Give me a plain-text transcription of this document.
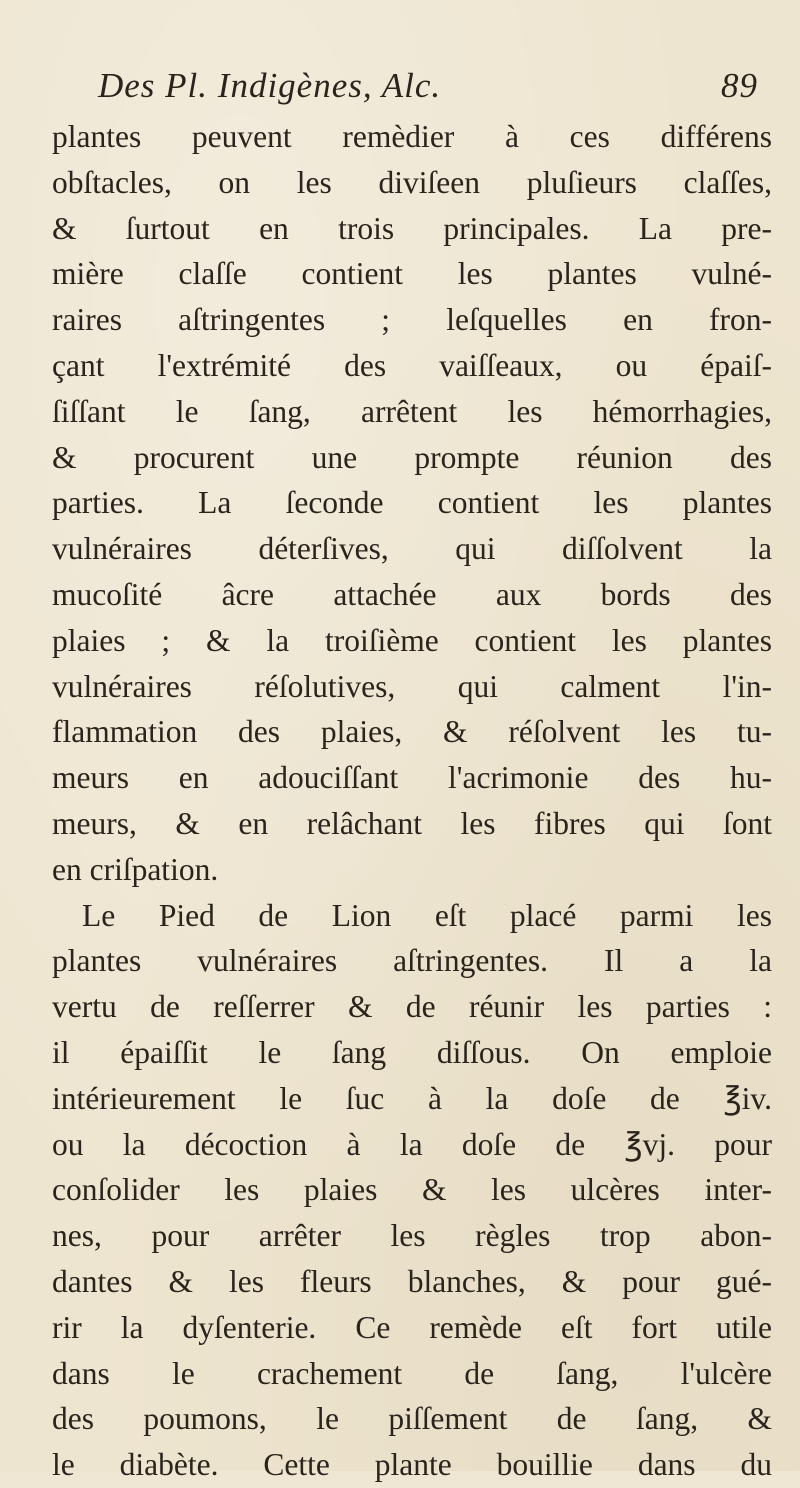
Des Pl. Indigènes, Alc.	89
plantes peuvent remèdier à ces différens
obſtacles, on les diviſeen pluſieurs claſſes,
& ſurtout en trois principales. La pre-
mière claſſe contient les plantes vulné-
raires aſtringentes ; leſquelles en fron-
çant l'extrémité des vaiſſeaux, ou épaiſ-
ſiſſant le ſang, arrêtent les hémorrhagies,
& procurent une prompte réunion des
parties. La ſeconde contient les plantes
vulnéraires déterſives, qui diſſolvent la
mucoſité âcre attachée aux bords des
plaies ; & la troiſième contient les plantes
vulnéraires réſolutives, qui calment l'in-
flammation des plaies, & réſolvent les tu-
meurs en adouciſſant l'acrimonie des hu-
meurs, & en relâchant les fibres qui ſont
en criſpation.
Le Pied de Lion eſt placé parmi les
plantes vulnéraires aſtringentes. Il a la
vertu de reſſerrer & de réunir les parties :
il épaiſſit le ſang diſſous. On emploie
intérieurement le ſuc à la doſe de ℥iv.
ou la décoction à la doſe de ℥vj. pour
conſolider les plaies & les ulcères inter-
nes, pour arrêter les règles trop abon-
dantes & les fleurs blanches, & pour gué-
rir la dyſenterie. Ce remède eſt fort utile
dans le crachement de ſang, l'ulcère
des poumons, le piſſement de ſang, &
le diabète. Cette plante bouillie dans du
